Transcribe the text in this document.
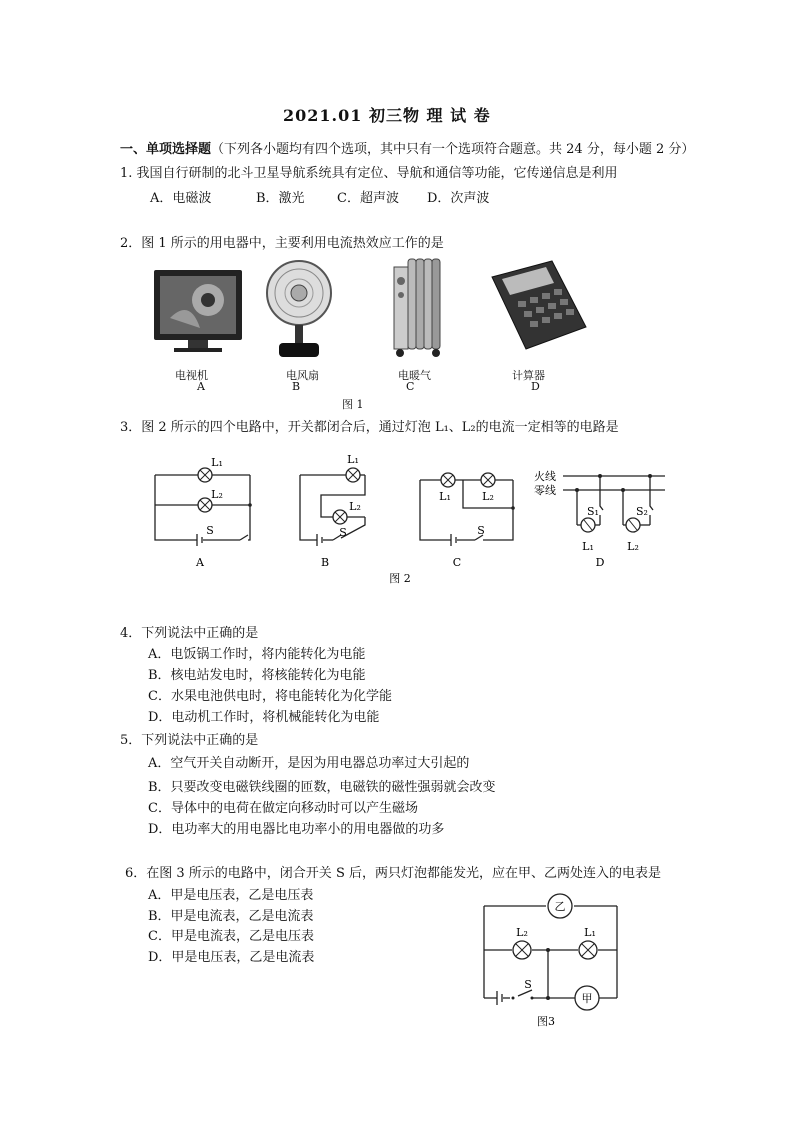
2021.01 初三物 理 试 卷
一、单项选择题（下列各小题均有四个选项，其中只有一个选项符合题意。共 24 分，每小题 2 分）
1. 我国自行研制的北斗卫星导航系统具有定位、导航和通信等功能，它传递信息是利用
A．电磁波	B．激光 C．超声波 D．次声波
2．图 1 所示的用电器中，主要利用电流热效应工作的是
电视机
A
电风扇
B
电暖气
C
计算器
D
图 1
3．图 2 所示的四个电路中，开关都闭合后，通过灯泡 L₁、L₂的电流一定相等的电路是
L₁
L₂
S
A
L₁
L₂
S
B
L₁	L₂
S
C
火线
零线
S₁	S₂
L₁	L₂
D
图 2
4．下列说法中正确的是
A．电饭锅工作时，将内能转化为电能
B．核电站发电时，将核能转化为电能
C．水果电池供电时，将电能转化为化学能
D．电动机工作时，将机械能转化为电能
5．下列说法中正确的是
A．空气开关自动断开，是因为用电器总功率过大引起的
B．只要改变电磁铁线圈的匝数，电磁铁的磁性强弱就会改变
C．导体中的电荷在做定向移动时可以产生磁场
D．电功率大的用电器比电功率小的用电器做的功多
6．在图 3 所示的电路中，闭合开关 S 后，两只灯泡都能发光，应在甲、乙两处连入的电表是
A．甲是电压表，乙是电压表
B．甲是电流表，乙是电流表
C．甲是电流表，乙是电压表
D．甲是电压表，乙是电流表
乙
甲
L₂	L₁
S
图3
